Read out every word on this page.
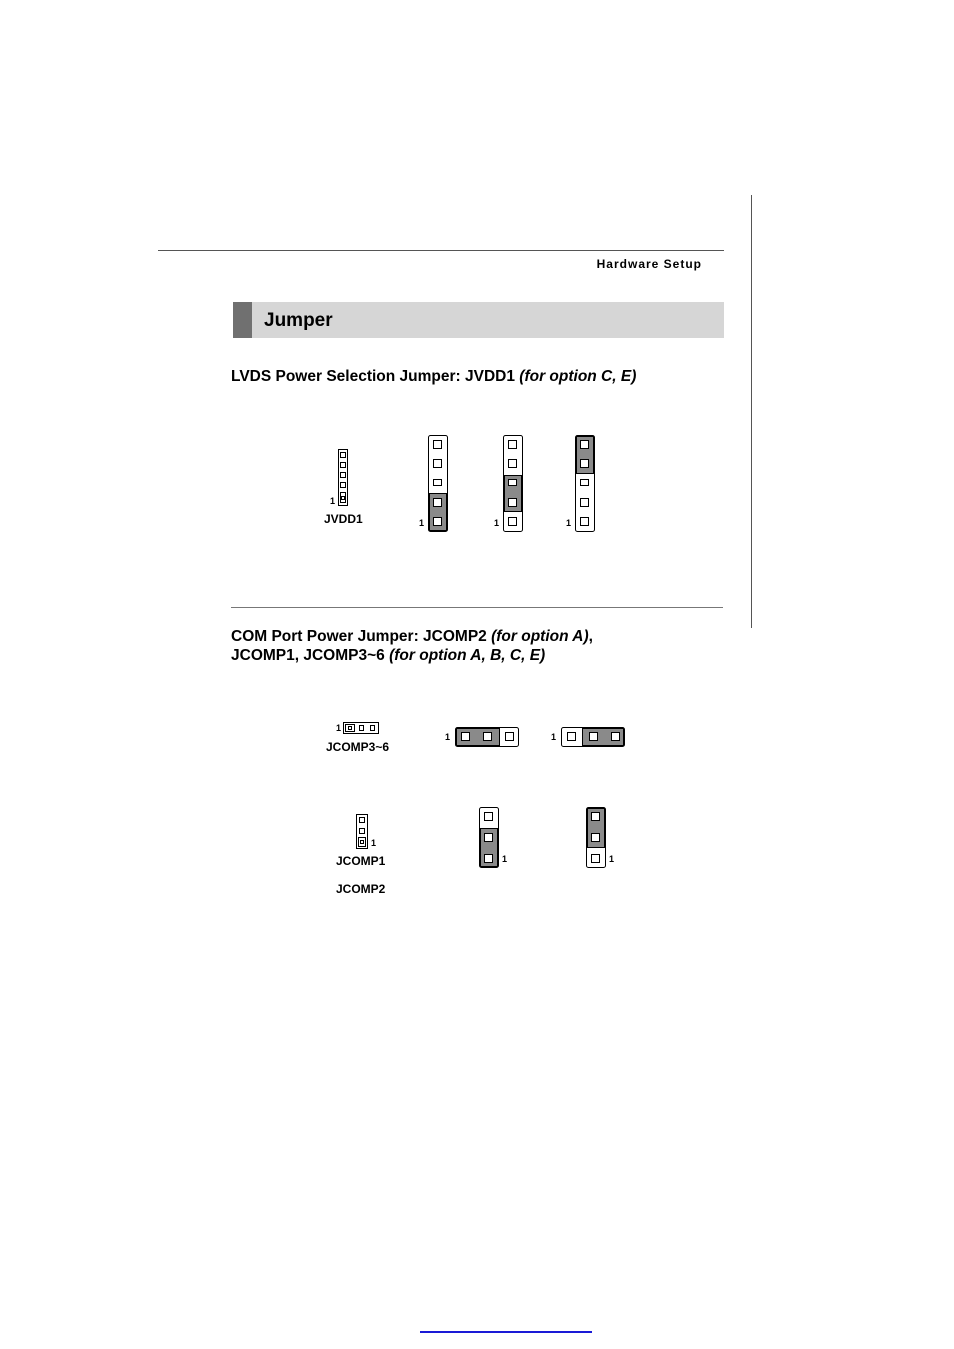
Hardware Setup
Jumper
LVDS Power Selection Jumper: JVDD1 (for option C, E)
1
JVDD1	1	1	1
COM Port Power Jumper: JCOMP2 (for option A),
JCOMP1, JCOMP3~6 (for option A, B, C, E)
1
JCOMP3~6
1	1
1
JCOMP1
JCOMP2
1	1
